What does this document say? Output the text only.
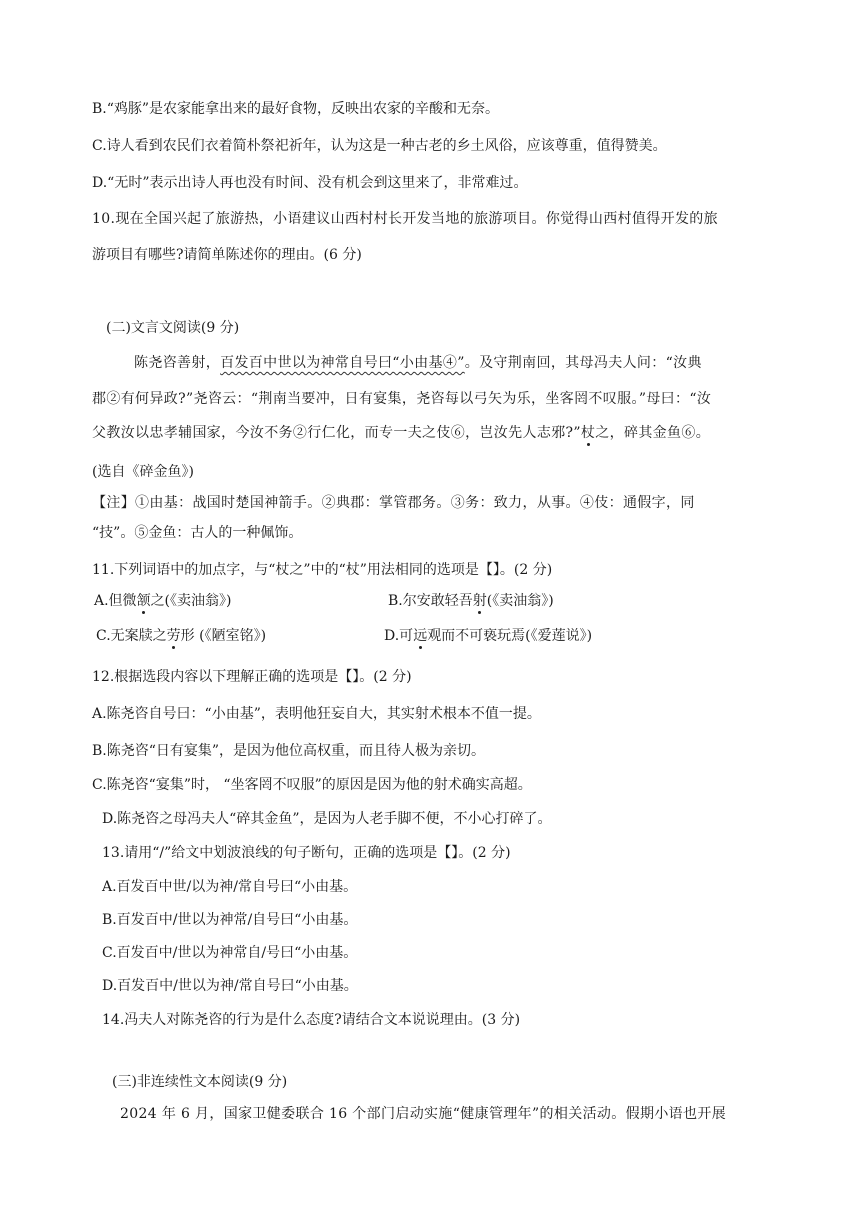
B.“鸡豚”是农家能拿出来的最好食物，反映出农家的辛酸和无奈。
C.诗人看到农民们衣着简朴祭祀祈年，认为这是一种古老的乡土风俗，应该尊重，值得赞美。
D.“无时”表示出诗人再也没有时间、没有机会到这里来了，非常难过。
10.现在全国兴起了旅游热，小语建议山西村村长开发当地的旅游项目。你觉得山西村值得开发的旅
游项目有哪些?请简单陈述你的理由。(6 分)
(二)文言文阅读(9 分)
陈尧咨善射，百发百中世以为神常自号曰“小由基④”。及守荆南回，其母冯夫人问：“汝典
郡②有何异政?”尧咨云：“荆南当要冲，日有宴集，尧咨每以弓矢为乐，坐客罔不叹服。”母曰：“汝
父教汝以忠孝辅国家，今汝不务②行仁化，而专一夫之伎⑥，岂汝先人志邪?”杖之，碎其金鱼⑥。
(选自《碎金鱼》)
【注】①由基：战国时楚国神箭手。②典郡：掌管郡务。③务：致力，从事。④伎：通假字，同
“技”。⑤金鱼：古人的一种佩饰。
11.下列词语中的加点字，与“杖之”中的“杖”用法相同的选项是【】。(2 分)
A.但微颔之(《卖油翁》)	B.尔安敢轻吾射(《卖油翁》)
C.无案牍之劳形 (《陋室铭》)	D.可远观而不可亵玩焉(《爱莲说》)
12.根据选段内容以下理解正确的选项是【】。(2 分)
A.陈尧咨自号曰：“小由基”，表明他狂妄自大，其实射术根本不值一提。
B.陈尧咨“日有宴集”，是因为他位高权重，而且待人极为亲切。
C.陈尧咨“宴集”时， “坐客罔不叹服”的原因是因为他的射术确实高超。
D.陈尧咨之母冯夫人“碎其金鱼”，是因为人老手脚不便，不小心打碎了。
13.请用“/”给文中划波浪线的句子断句，正确的选项是【】。(2 分)
A.百发百中世/以为神/常自号曰“小由基。
B.百发百中/世以为神常/自号曰“小由基。
C.百发百中/世以为神常自/号曰“小由基。
D.百发百中/世以为神/常自号曰“小由基。
14.冯夫人对陈尧咨的行为是什么态度?请结合文本说说理由。(3 分)
(三)非连续性文本阅读(9 分)
2024 年 6 月，国家卫健委联合 16 个部门启动实施“健康管理年”的相关活动。假期小语也开展
